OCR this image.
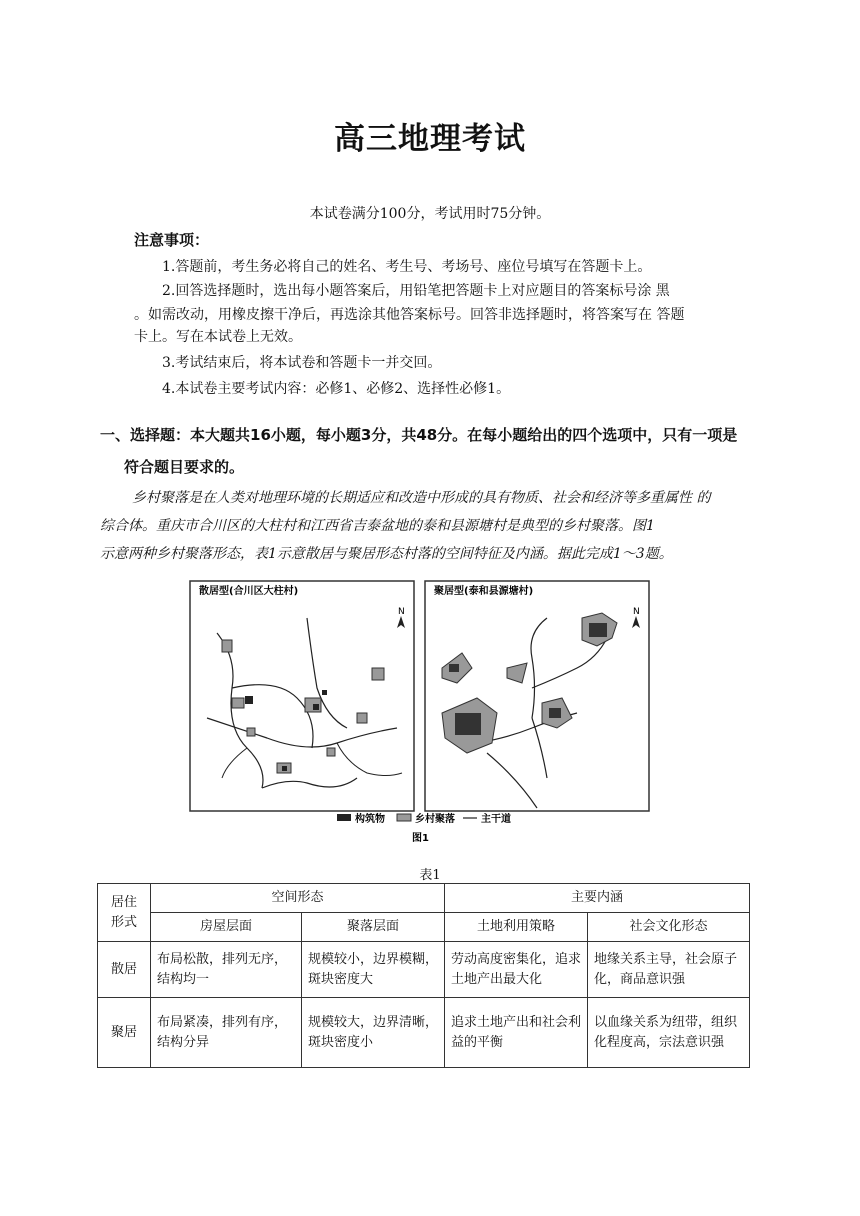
高三地理考试
本试卷满分100分，考试用时75分钟。
注意事项：
1.答题前，考生务必将自己的姓名、考生号、考场号、座位号填写在答题卡上。
2.回答选择题时，选出每小题答案后，用铅笔把答题卡上对应题目的答案标号涂 黑
。如需改动，用橡皮擦干净后，再选涂其他答案标号。回答非选择题时，将答案写在 答题
卡上。写在本试卷上无效。
3.考试结束后，将本试卷和答题卡一并交回。
4.本试卷主要考试内容：必修1、必修2、选择性必修1。
一、选择题：本大题共16小题，每小题3分，共48分。在每小题给出的四个选项中，只有一项是
符合题目要求的。
乡村聚落是在人类对地理环境的长期适应和改造中形成的具有物质、社会和经济等多重属性 的
综合体。重庆市合川区的大柱村和江西省吉泰盆地的泰和县源塘村是典型的乡村聚落。图1
示意两种乡村聚落形态，表1示意散居与聚居形态村落的空间特征及内涵。据此完成1～3题。
散居型(合川区大柱村)
N
聚居型(泰和县源塘村)
N
构筑物	乡村聚落	主干道
图1
表1
居住
形式	空间形态		主要内涵	
	房屋层面	聚落层面	土地利用策略	社会文化形态
散居	布局松散，排列无序，结构均一	规模较小，边界模糊，斑块密度大	劳动高度密集化，追求土地产出最大化	地缘关系主导，社会原子化，商品意识强
聚居	布局紧凑，排列有序，结构分异	规模较大，边界清晰，斑块密度小	追求土地产出和社会利益的平衡	以血缘关系为纽带，组织化程度高，宗法意识强
